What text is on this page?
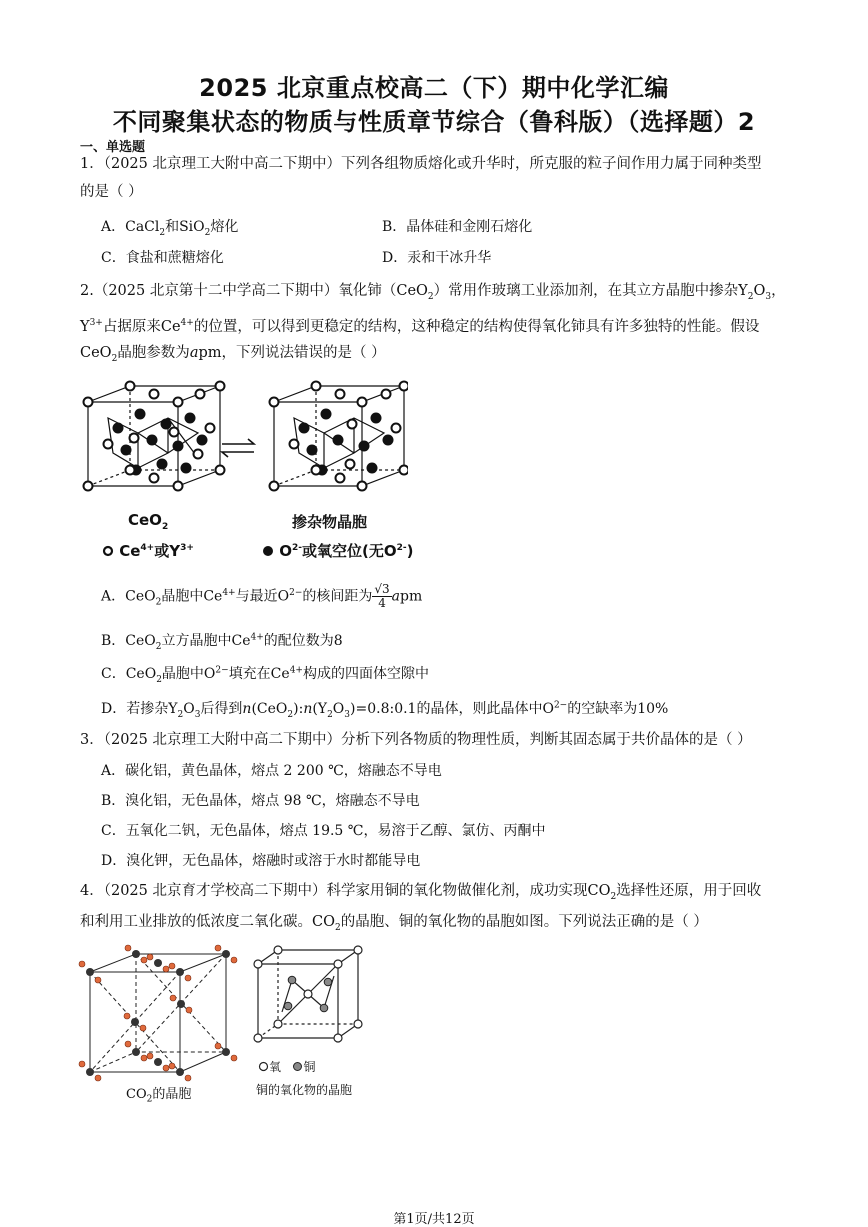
2025 北京重点校高二（下）期中化学汇编
不同聚集状态的物质与性质章节综合（鲁科版）（选择题）2
一、单选题
1．（2025 北京理工大附中高二下期中）下列各组物质熔化或升华时，所克服的粒子间作用力属于同种类型
的是（ ）
A．CaCl$_2$和SiO$_2$熔化	B．晶体硅和金刚石熔化
C．食盐和蔗糖熔化	D．汞和干冰升华
2.（2025 北京第十二中学高二下期中）氧化铈（CeO$_2$）常用作玻璃工业添加剂，在其立方晶胞中掺杂$Y_2O_3$，
$Y^{3+}$占据原来$Ce^{4+}$的位置，可以得到更稳定的结构，这种稳定的结构使得氧化铈具有许多独特的性能。假设
CeO$_2$晶胞参数为apm，下列说法错误的是（ ）
CeO$_2$	掺杂物晶胞
$Ce^{4+}$或$Y^{3+}$	$O^{2-}$或氧空位(无$O^{2-}$)
A．CeO$_2$晶胞中$Ce^{4+}$与最近$O^{2-}$的核间距为 $\frac{√3}{4}$ apm
B．CeO$_2$立方晶胞中$Ce^{4+}$的配位数为8
C．CeO$_2$晶胞中$O^{2-}$填充在$Ce^{4+}$构成的四面体空隙中
D．若掺杂$Y_2O_3$后得到$n(CeO_2):n(Y_2O_3)=0.8:0.1$的晶体，则此晶体中$O^{2-}$的空缺率为10%
3．（2025 北京理工大附中高二下期中）分析下列各物质的物理性质，判断其固态属于共价晶体的是（ ）
A．碳化铝，黄色晶体，熔点 2 200 ℃，熔融态不导电
B．溴化铝，无色晶体，熔点 98 ℃，熔融态不导电
C．五氧化二钒，无色晶体，熔点 19.5 ℃，易溶于乙醇、氯仿、丙酮中
D．溴化钾，无色晶体，熔融时或溶于水时都能导电
4．（2025 北京育才学校高二下期中）科学家用铜的氧化物做催化剂，成功实现$CO_2$选择性还原，用于回收
和利用工业排放的低浓度二氧化碳。$CO_2$的晶胞、铜的氧化物的晶胞如图。下列说法正确的是（ ）
氧 铜
$CO_2$的晶胞	铜的氧化物的晶胞
第1页/共12页
